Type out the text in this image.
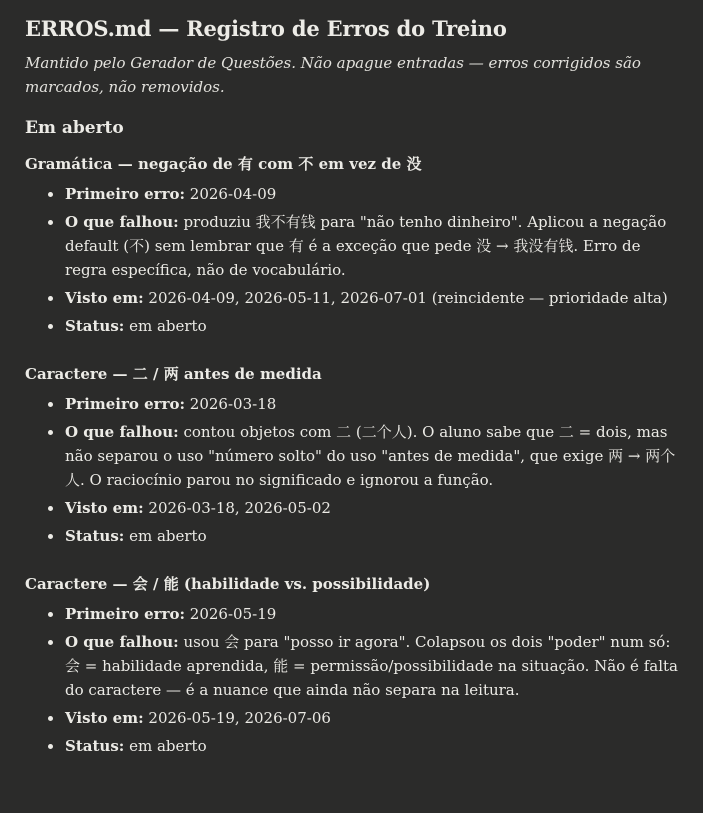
ERROS.md — Registro de Erros do Treino

Mantido pelo Gerador de Questões. Não apague entradas — erros corrigidos são marcados, não removidos.

Em aberto
Gramática — negação de 有 com 不 em vez de 没
• Primeiro erro: 2026-04-09
• O que falhou: produziu 我不有钱 para "não tenho dinheiro". Aplicou a negação default (不) sem lembrar que 有 é a exceção que pede 没 → 我没有钱. Erro de regra específica, não de vocabulário.
• Visto em: 2026-04-09, 2026-05-11, 2026-07-01 (reincidente — prioridade alta)
• Status: em aberto
Caractere — 二 / 两 antes de medida
• Primeiro erro: 2026-03-18
• O que falhou: contou objetos com 二 (二个人). O aluno sabe que 二 = dois, mas não separou o uso "número solto" do uso "antes de medida", que exige 两 → 两个人. O raciocínio parou no significado e ignorou a função.
• Visto em: 2026-03-18, 2026-05-02
• Status: em aberto
Caractere — 会 / 能 (habilidade vs. possibilidade)
• Primeiro erro: 2026-05-19
• O que falhou: usou 会 para "posso ir agora". Colapsou os dois "poder" num só: 会 = habilidade aprendida, 能 = permissão/possibilidade na situação. Não é falta do caractere — é a nuance que ainda não separa na leitura.
• Visto em: 2026-05-19, 2026-07-06
• Status: em aberto
